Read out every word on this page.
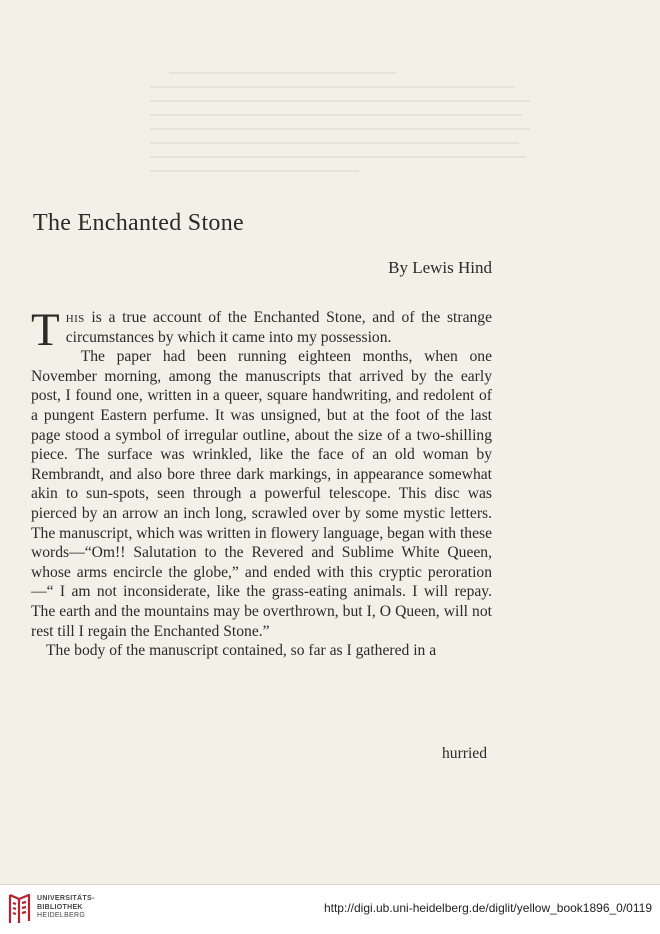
The Enchanted Stone
By Lewis Hind

This is a true account of the Enchanted Stone, and of the strange circumstances by which it came into my possession.

The paper had been running eighteen months, when one November morning, among the manuscripts that arrived by the early post, I found one, written in a queer, square handwriting, and redolent of a pungent Eastern perfume. It was unsigned, but at the foot of the last page stood a symbol of irregular outline, about the size of a two-shilling piece. The surface was wrinkled, like the face of an old woman by Rembrandt, and also bore three dark markings, in appearance somewhat akin to sun-spots, seen through a powerful telescope. This disc was pierced by an arrow an inch long, scrawled over by some mystic letters. The manuscript, which was written in flowery language, began with these words—“Om!! Salutation to the Revered and Sublime White Queen, whose arms encircle the globe,” and ended with this cryptic peroration—“ I am not inconsiderate, like the grass-eating animals. I will repay. The earth and the mountains may be overthrown, but I, O Queen, will not rest till I regain the Enchanted Stone.”

The body of the manuscript contained, so far as I gathered in a

hurried
UNIVERSITÄTS-
BIBLIOTHEK
HEIDELBERG
http://digi.ub.uni-heidelberg.de/diglit/yellow_book1896_0/0119
